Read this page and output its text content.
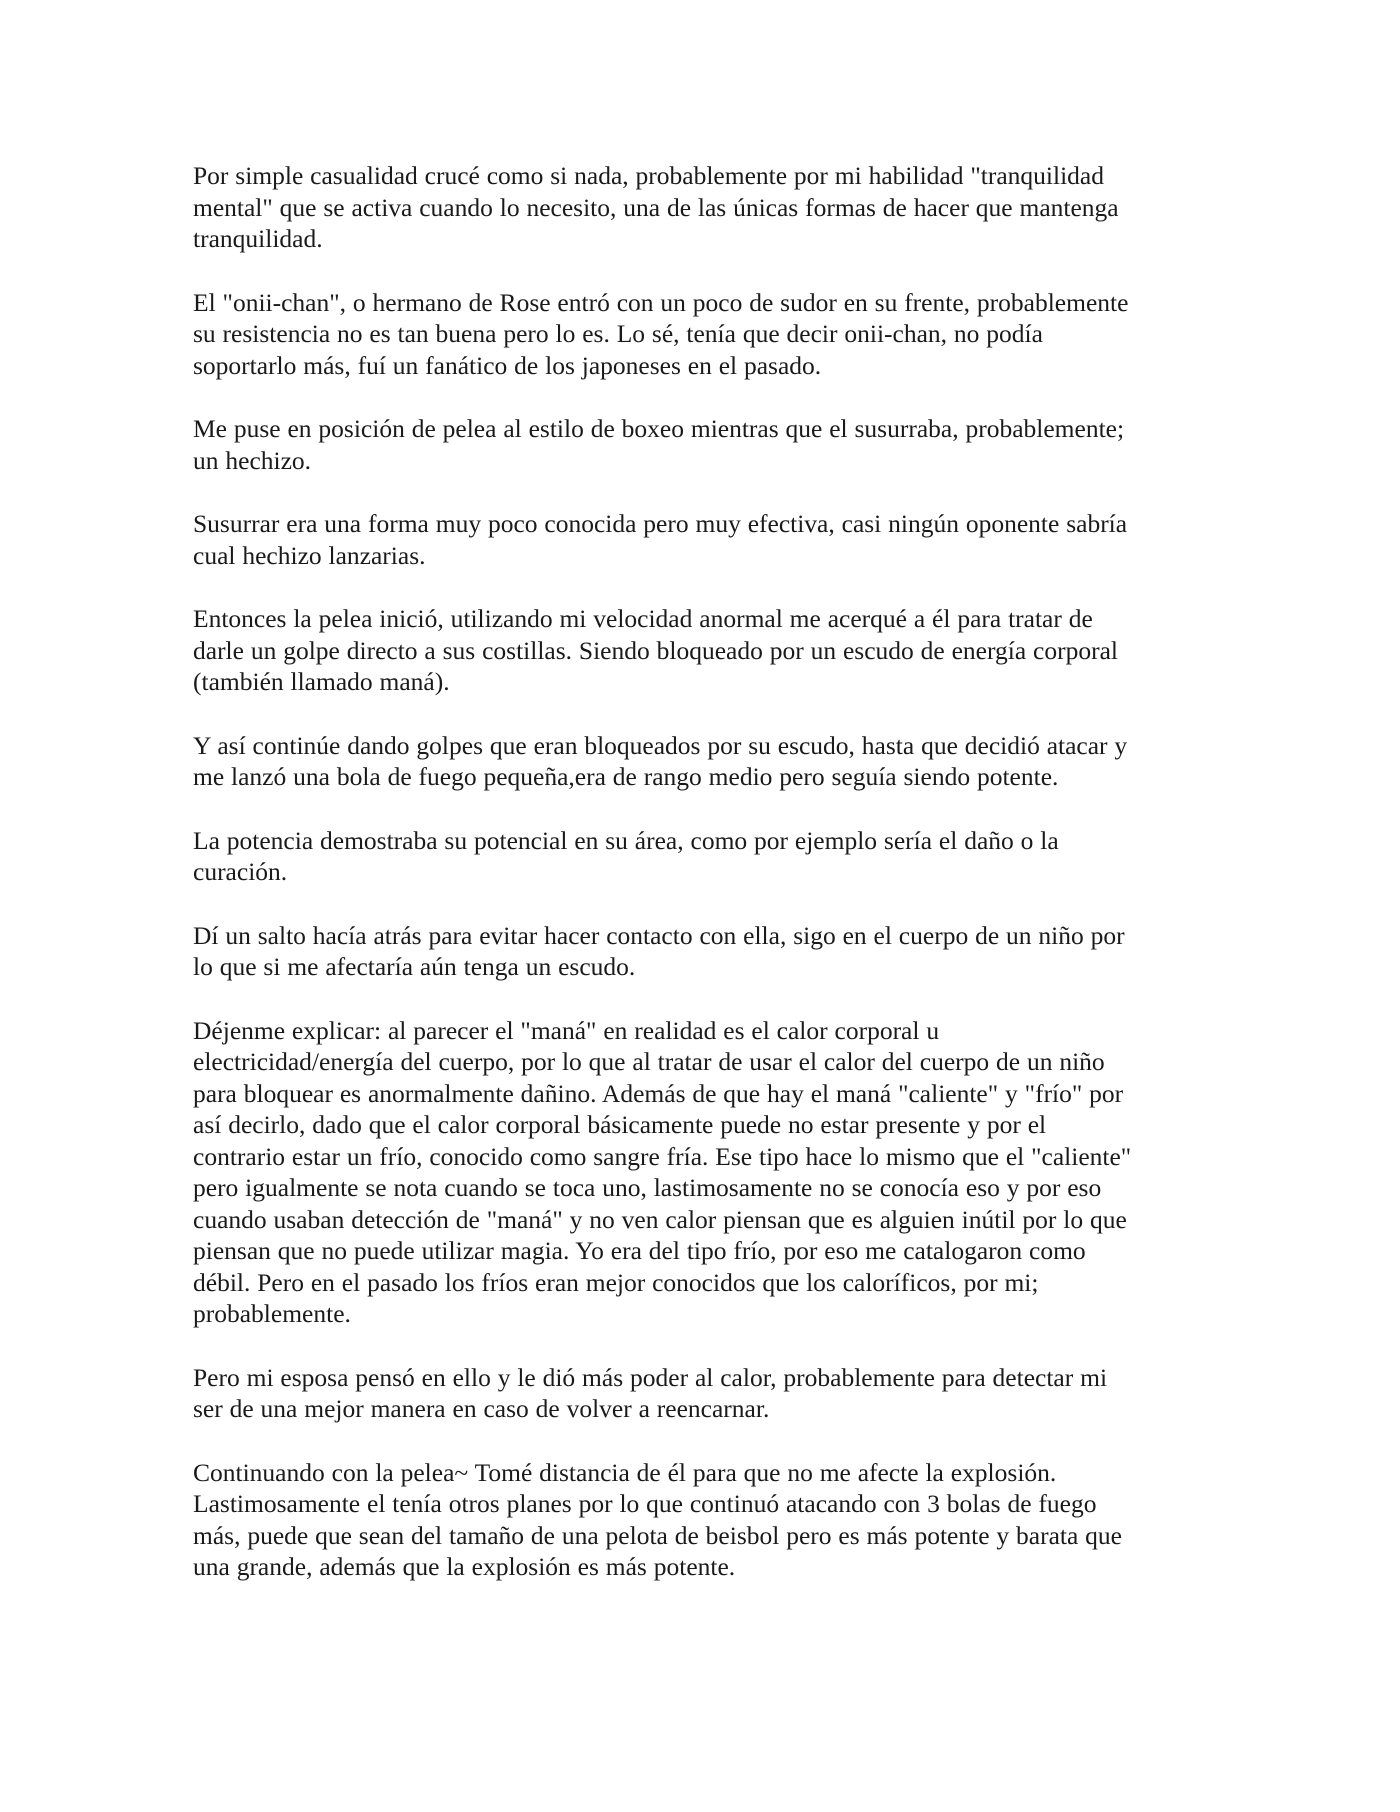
Por simple casualidad crucé como si nada, probablemente por mi habilidad "tranquilidad
mental" que se activa cuando lo necesito, una de las únicas formas de hacer que mantenga
tranquilidad.

El "onii-chan", o hermano de Rose entró con un poco de sudor en su frente, probablemente
su resistencia no es tan buena pero lo es. Lo sé, tenía que decir onii-chan, no podía
soportarlo más, fuí un fanático de los japoneses en el pasado.

Me puse en posición de pelea al estilo de boxeo mientras que el susurraba, probablemente;
un hechizo.

Susurrar era una forma muy poco conocida pero muy efectiva, casi ningún oponente sabría
cual hechizo lanzarias.

Entonces la pelea inició, utilizando mi velocidad anormal me acerqué a él para tratar de
darle un golpe directo a sus costillas. Siendo bloqueado por un escudo de energía corporal
(también llamado maná).

Y así continúe dando golpes que eran bloqueados por su escudo, hasta que decidió atacar y
me lanzó una bola de fuego pequeña,era de rango medio pero seguía siendo potente.

La potencia demostraba su potencial en su área, como por ejemplo sería el daño o la
curación.

Dí un salto hacía atrás para evitar hacer contacto con ella, sigo en el cuerpo de un niño por
lo que si me afectaría aún tenga un escudo.

Déjenme explicar: al parecer el "maná" en realidad es el calor corporal u
electricidad/energía del cuerpo, por lo que al tratar de usar el calor del cuerpo de un niño
para bloquear es anormalmente dañino. Además de que hay el maná "caliente" y "frío" por
así decirlo, dado que el calor corporal básicamente puede no estar presente y por el
contrario estar un frío, conocido como sangre fría. Ese tipo hace lo mismo que el "caliente"
pero igualmente se nota cuando se toca uno, lastimosamente no se conocía eso y por eso
cuando usaban detección de "maná" y no ven calor piensan que es alguien inútil por lo que
piensan que no puede utilizar magia. Yo era del tipo frío, por eso me catalogaron como
débil. Pero en el pasado los fríos eran mejor conocidos que los caloríficos, por mi;
probablemente.

Pero mi esposa pensó en ello y le dió más poder al calor, probablemente para detectar mi
ser de una mejor manera en caso de volver a reencarnar.

Continuando con la pelea~ Tomé distancia de él para que no me afecte la explosión.
Lastimosamente el tenía otros planes por lo que continuó atacando con 3 bolas de fuego
más, puede que sean del tamaño de una pelota de beisbol pero es más potente y barata que
una grande, además que la explosión es más potente.
